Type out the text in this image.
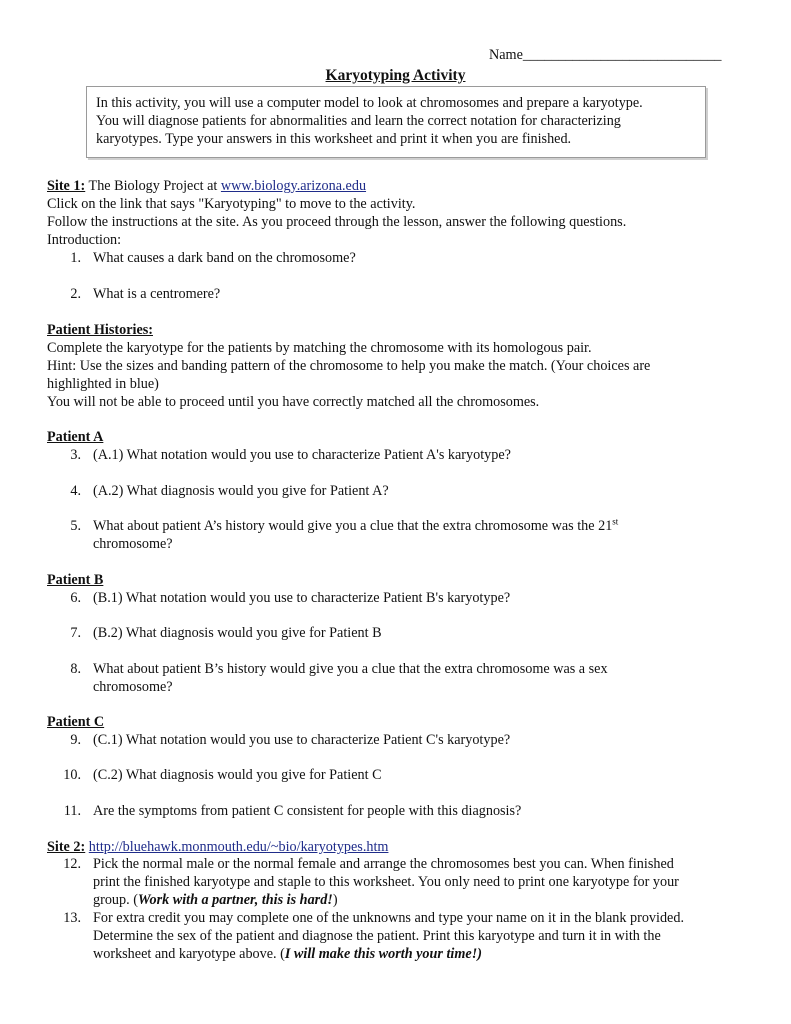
Name____________________________
Karyotyping Activity
In this activity, you will use a computer model to look at chromosomes and prepare a karyotype.
You will diagnose patients for abnormalities and learn the correct notation for characterizing
karyotypes. Type your answers in this worksheet and print it when you are finished.
Site 1: The Biology Project at www.biology.arizona.edu
Click on the link that says "Karyotyping" to move to the activity.
Follow the instructions at the site. As you proceed through the lesson, answer the following questions.
Introduction:
1. What causes a dark band on the chromosome?
2. What is a centromere?
Patient Histories:
Complete the karyotype for the patients by matching the chromosome with its homologous pair.
Hint: Use the sizes and banding pattern of the chromosome to help you make the match. (Your choices are
highlighted in blue)
You will not be able to proceed until you have correctly matched all the chromosomes.
Patient A
3. (A.1) What notation would you use to characterize Patient A's karyotype?
4. (A.2) What diagnosis would you give for Patient A?
5. What about patient A’s history would give you a clue that the extra chromosome was the 21st
chromosome?
Patient B
6. (B.1) What notation would you use to characterize Patient B's karyotype?
7. (B.2) What diagnosis would you give for Patient B
8. What about patient B’s history would give you a clue that the extra chromosome was a sex
chromosome?
Patient C
9. (C.1) What notation would you use to characterize Patient C's karyotype?
10. (C.2) What diagnosis would you give for Patient C
11. Are the symptoms from patient C consistent for people with this diagnosis?
Site 2: http://bluehawk.monmouth.edu/~bio/karyotypes.htm
12. Pick the normal male or the normal female and arrange the chromosomes best you can. When finished
print the finished karyotype and staple to this worksheet. You only need to print one karyotype for your
group. (Work with a partner, this is hard!)
13. For extra credit you may complete one of the unknowns and type your name on it in the blank provided.
Determine the sex of the patient and diagnose the patient. Print this karyotype and turn it in with the
worksheet and karyotype above. (I will make this worth your time!)
